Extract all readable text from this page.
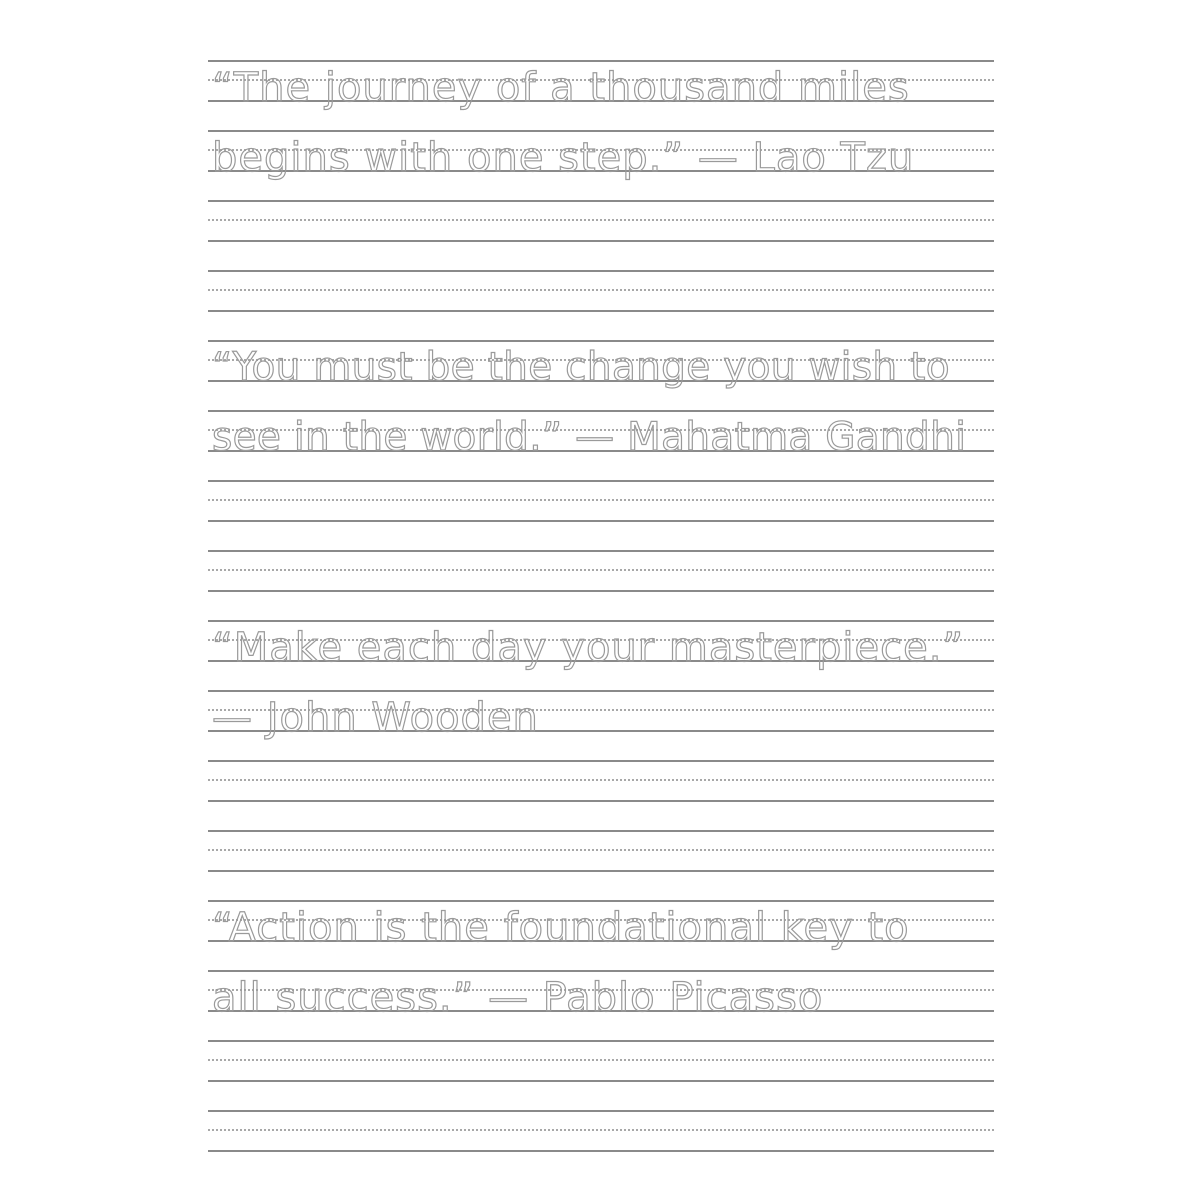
“The journey of a thousand miles
begins with one step.” — Lao Tzu
“You must be the change you wish to
see in the world.” — Mahatma Gandhi
“Make each day your masterpiece.”
— John Wooden
“Action is the foundational key to
all success.” — Pablo Picasso
